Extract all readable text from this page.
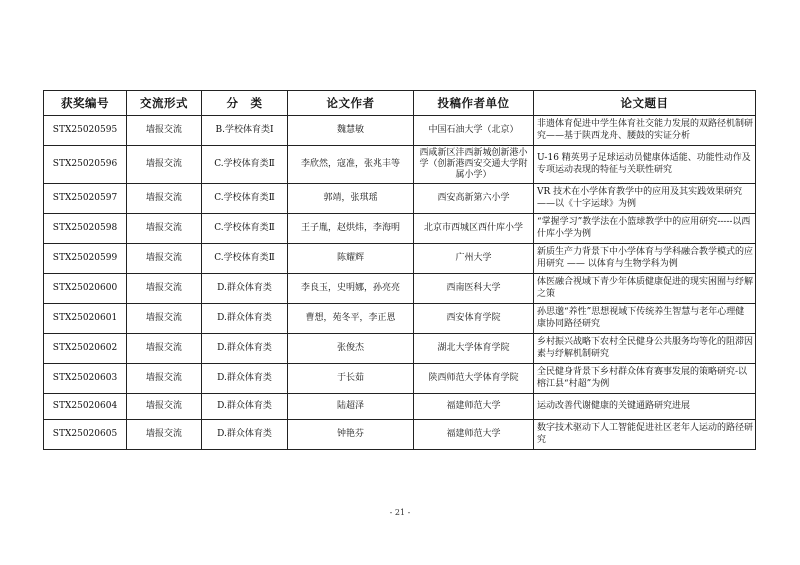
获奖编号	交流形式	分　类	论文作者	投稿作者单位	论文题目
STX25020595	墙报交流	B.学校体育类Ⅰ	魏慧敏	中国石油大学（北京）	非遗体育促进中学生体育社交能力发展的双路径机制研究——基于陕西龙舟、腰鼓的实证分析
STX25020596	墙报交流	C.学校体育类Ⅱ	李欣然，寇准，张兆丰等	西咸新区沣西新城创新港小学（创新港西安交通大学附属小学）	U-16 精英男子足球运动员健康体适能、功能性动作及专项运动表现的特征与关联性研究
STX25020597	墙报交流	C.学校体育类Ⅱ	郭靖，张琪瑶	西安高新第六小学	VR 技术在小学体育教学中的应用及其实践效果研究——以《十字运球》为例
STX25020598	墙报交流	C.学校体育类Ⅱ	王子胤，赵烘炜，李海明	北京市西城区西什库小学	“掌握学习”教学法在小篮球教学中的应用研究-----以西什库小学为例
STX25020599	墙报交流	C.学校体育类Ⅱ	陈耀辉	广州大学	新质生产力背景下中小学体育与学科融合教学模式的应用研究 —— 以体育与生物学科为例
STX25020600	墙报交流	D.群众体育类	李良玉，史明娜，孙亮亮	西南医科大学	体医融合视域下青少年体质健康促进的现实困囿与纾解之策
STX25020601	墙报交流	D.群众体育类	曹想，苑冬平，李正恩	西安体育学院	孙思邈“养性”思想视域下传统养生智慧与老年心理健康协同路径研究
STX25020602	墙报交流	D.群众体育类	张俊杰	湖北大学体育学院	乡村振兴战略下农村全民健身公共服务均等化的阻滞因素与纾解机制研究
STX25020603	墙报交流	D.群众体育类	于长茹	陕西师范大学体育学院	全民健身背景下乡村群众体育赛事发展的策略研究-以榕江县“村超”为例
STX25020604	墙报交流	D.群众体育类	陆超泽	福建师范大学	运动改善代谢健康的关键通路研究进展
STX25020605	墙报交流	D.群众体育类	钟艳芬	福建师范大学	数字技术驱动下人工智能促进社区老年人运动的路径研究
- 21 -
